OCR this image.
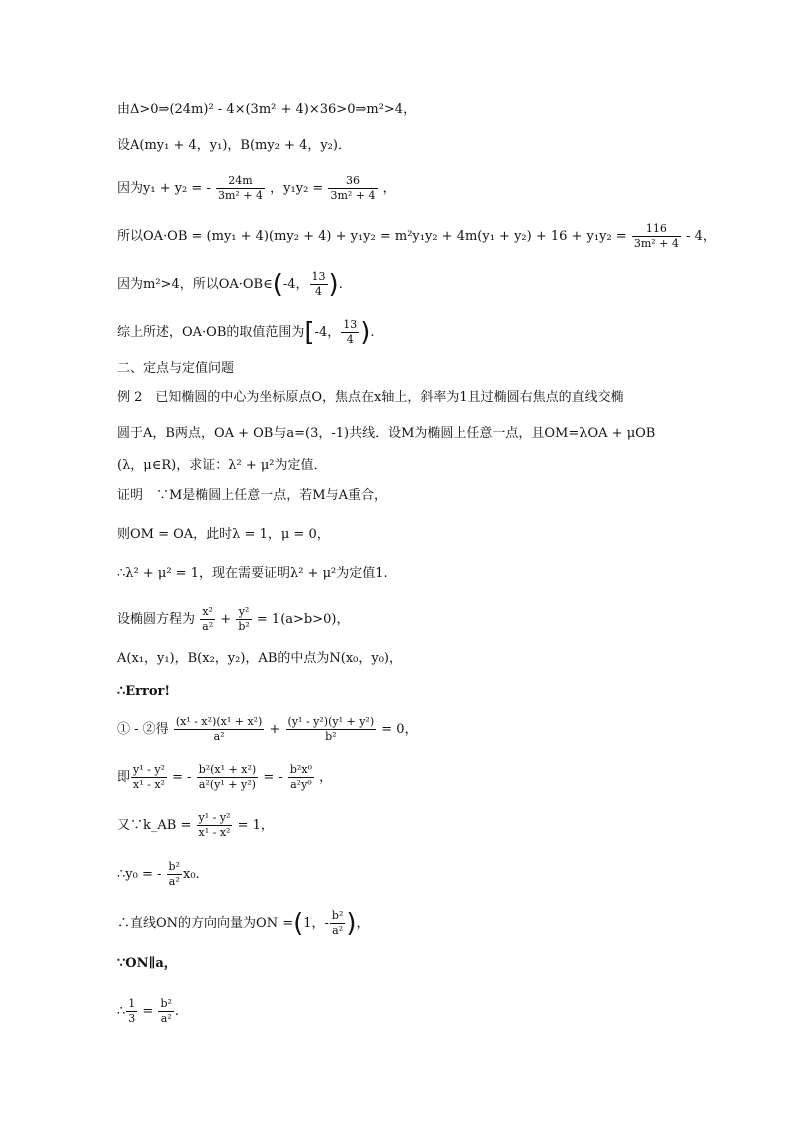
由Δ>0⇒(24m)² - 4×(3m² + 4)×36>0⇒m²>4，
设A(my₁ + 4，y₁)，B(my₂ + 4，y₂)．
因为y₁ + y₂ = - $\frac{24m}{\text{3m² + 4}}$ ，$y_1y_2 = \frac{36}{\text{3m² + 4}}$ ，
所以$OA\cdot OB = (my_1 + 4)(my_2 + 4) + y_1y_2 = m^2y_1y_2 + 4m(y_1 + y_2) + 16 + y_1y_2 = \frac{116}{\text{3m² + 4}} - 4$，
因为m²>4，所以OA·OB∈(-4， $\frac{13}{4}$ ).
综上所述，OA·OB的取值范围为[-4， $\frac{13}{4}$ ).
二、定点与定值问题
例 2　已知椭圆的中心为坐标原点O，焦点在x轴上，斜率为1且过椭圆右焦点的直线交椭
圆于A，B两点，OA + OB与a=(3，-1)共线．设M为椭圆上任意一点，且OM=λOA + μOB
(λ，μ∈R)，求证：λ² + μ²为定值．
证明　∵M是椭圆上任意一点，若M与A重合，
则OM = OA，此时λ = 1，μ = 0，
∴λ² + μ² = 1，现在需要证明λ² + μ²为定值1.
设椭圆方程为 $\frac{\text{x²}}{\text{a²}} + \frac{\text{y²}}{\text{b²}} = 1(a>b>0)$，
A(x₁，y₁)，B(x₂，y₂)，AB的中点为N(x₀，y₀)，
∴Error!
① - ②得 $\frac{\text{(x¹ - x²)(x¹ + x²)}}{\text{a²}} + \frac{\text{(y¹ - y²)(y¹ + y²)}}{\text{b²}} = 0$，
即 $\frac{\text{y¹ - y²}}{\text{x¹ - x²}}$ = - $\frac{\text{b²(x¹ + x²)}}{\text{a²(y¹ + y²)}}$ = - $\frac{\text{b²x⁰}}{\text{a²y⁰}}$ ，
又∵k_AB = $\frac{\text{y¹ - y²}}{\text{x¹ - x²}} = 1$，
∴y₀ = - $\frac{\text{b²}}{\text{a²}} x_0$.
∴直线ON的方向向量为ON =(1，- $\frac{\text{b²}}{\text{a²}}$ )，
∵ON∥a，
∴ $\frac{1}{3} = \frac{\text{b²}}{\text{a²}}$ .
